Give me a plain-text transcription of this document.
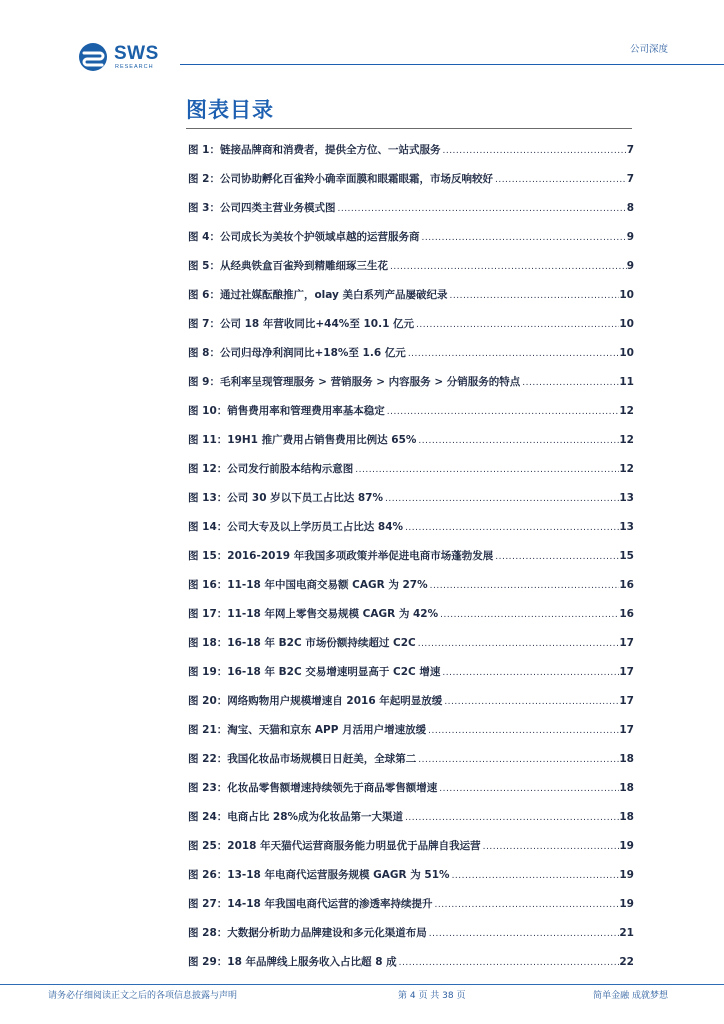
SWS
RESEARCH
公司深度
图表目录
图 1：链接品牌商和消费者，提供全方位、一站式服务 .....	7
图 2：公司协助孵化百雀羚小确幸面膜和眼霜眼霜，市场反响较好 .....	7
图 3：公司四类主营业务模式图 .....	8
图 4：公司成长为美妆个护领域卓越的运营服务商 .....	9
图 5：从经典铁盒百雀羚到精雕细琢三生花 .....	9
图 6：通过社媒酝酿推广，olay 美白系列产品屡破纪录 .....	10
图 7：公司 18 年营收同比+44%至 10.1 亿元 .....	10
图 8：公司归母净利润同比+18%至 1.6 亿元 .....	10
图 9：毛利率呈现管理服务 > 营销服务 > 内容服务 > 分销服务的特点 .....	11
图 10：销售费用率和管理费用率基本稳定 .....	12
图 11：19H1 推广费用占销售费用比例达 65% .....	12
图 12：公司发行前股本结构示意图 .....	12
图 13：公司 30 岁以下员工占比达 87% .....	13
图 14：公司大专及以上学历员工占比达 84% .....	13
图 15：2016-2019 年我国多项政策并举促进电商市场蓬勃发展 .....	15
图 16：11-18 年中国电商交易额 CAGR 为 27% .....	16
图 17：11-18 年网上零售交易规模 CAGR 为 42% .....	16
图 18：16-18 年 B2C 市场份额持续超过 C2C .....	17
图 19：16-18 年 B2C 交易增速明显高于 C2C 增速 .....	17
图 20：网络购物用户规模增速自 2016 年起明显放缓 .....	17
图 21：淘宝、天猫和京东 APP 月活用户增速放缓 .....	17
图 22：我国化妆品市场规模日日赶美，全球第二 .....	18
图 23：化妆品零售额增速持续领先于商品零售额增速 .....	18
图 24：电商占比 28%成为化妆品第一大渠道 .....	18
图 25：2018 年天猫代运营商服务能力明显优于品牌自我运营 .....	19
图 26：13-18 年电商代运营服务规模 GAGR 为 51% .....	19
图 27：14-18 年我国电商代运营的渗透率持续提升 .....	19
图 28：大数据分析助力品牌建设和多元化渠道布局 .....	21
图 29：18 年品牌线上服务收入占比超 8 成 .....	22
请务必仔细阅读正文之后的各项信息披露与声明	第 4 页 共 38 页	简单金融 成就梦想
